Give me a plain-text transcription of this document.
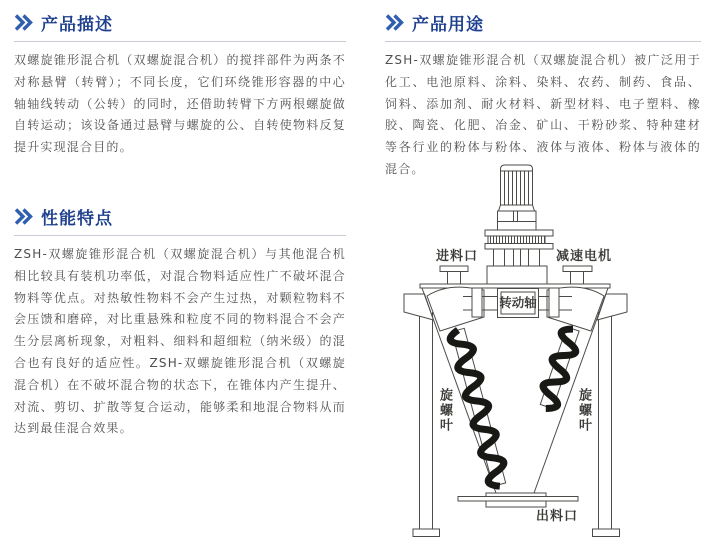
产品描述

双螺旋锥形混合机（双螺旋混合机）的搅拌部件为两条不对称悬臂（转臂）；不同长度，它们环绕锥形容器的中心轴轴线转动（公转）的同时，还借助转臂下方两根螺旋做自转运动；该设备通过悬臂与螺旋的公、自转使物料反复提升实现混合目的。

产品用途

ZSH-双螺旋锥形混合机（双螺旋混合机）被广泛用于化工、电池原料、涂料、染料、农药、制药、食品、饲料、添加剂、耐火材料、新型材料、电子塑料、橡胶、陶瓷、化肥、冶金、矿山、干粉砂浆、特种建材等各行业的粉体与粉体、液体与液体、粉体与液体的混合。

性能特点

ZSH-双螺旋锥形混合机（双螺旋混合机）与其他混合机相比较具有装机功率低，对混合物料适应性广不破坏混合物料等优点。对热敏性物料不会产生过热，对颗粒物料不会压馈和磨碎，对比重悬殊和粒度不同的物料混合不会产生分层离析现象，对粗料、细料和超细粒（纳米级）的混合也有良好的适应性。ZSH-双螺旋锥形混合机（双螺旋混合机）在不破坏混合物的状态下，在锥体内产生提升、对流、剪切、扩散等复合运动，能够柔和地混合物料从而达到最佳混合效果。

进料口	减速电机
转动轴
旋螺叶	旋螺叶
出料口
